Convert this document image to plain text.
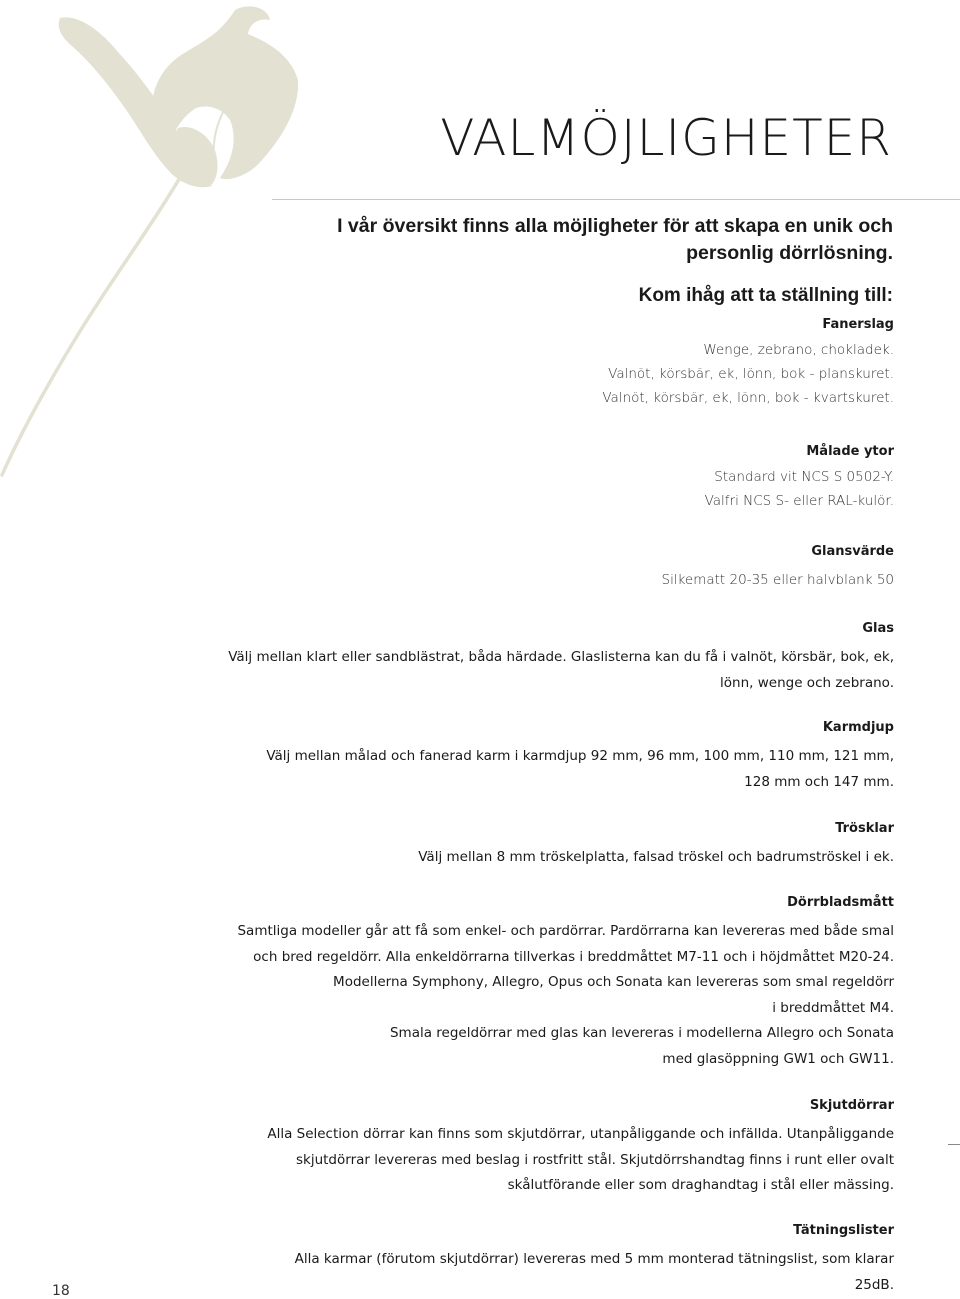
VALMÖJLIGHETER
I vår översikt finns alla möjligheter för att skapa en unik och
personlig dörrlösning.
Kom ihåg att ta ställning till:
Fanerslag
Wenge, zebrano, chokladek.
Valnöt, körsbär, ek, lönn, bok - planskuret.
Valnöt, körsbär, ek, lönn, bok - kvartskuret.
Målade ytor
Standard vit NCS S 0502-Y.
Valfri NCS S- eller RAL-kulör.
Glansvärde
Silkematt 20-35 eller halvblank 50
Glas
Välj mellan klart eller sandblästrat, båda härdade. Glaslisterna kan du få i valnöt, körsbär, bok, ek,
lönn, wenge och zebrano.
Karmdjup
Välj mellan målad och fanerad karm i karmdjup 92 mm, 96 mm, 100 mm, 110 mm, 121 mm,
128 mm och 147 mm.
Trösklar
Välj mellan 8 mm tröskelplatta, falsad tröskel och badrumströskel i ek.
Dörrbladsmått
Samtliga modeller går att få som enkel- och pardörrar. Pardörrarna kan levereras med både smal
och bred regeldörr. Alla enkeldörrarna tillverkas i breddmåttet M7-11 och i höjdmåttet M20-24.
Modellerna Symphony, Allegro, Opus och Sonata kan levereras som smal regeldörr
i breddmåttet M4.
Smala regeldörrar med glas kan levereras i modellerna Allegro och Sonata
med glasöppning GW1 och GW11.
Skjutdörrar
Alla Selection dörrar kan finns som skjutdörrar, utanpåliggande och infällda. Utanpåliggande
skjutdörrar levereras med beslag i rostfritt stål. Skjutdörrshandtag finns i runt eller ovalt
skålutförande eller som draghandtag i stål eller mässing.
Tätningslister
Alla karmar (förutom skjutdörrar) levereras med 5 mm monterad tätningslist, som klarar
25dB.
18
